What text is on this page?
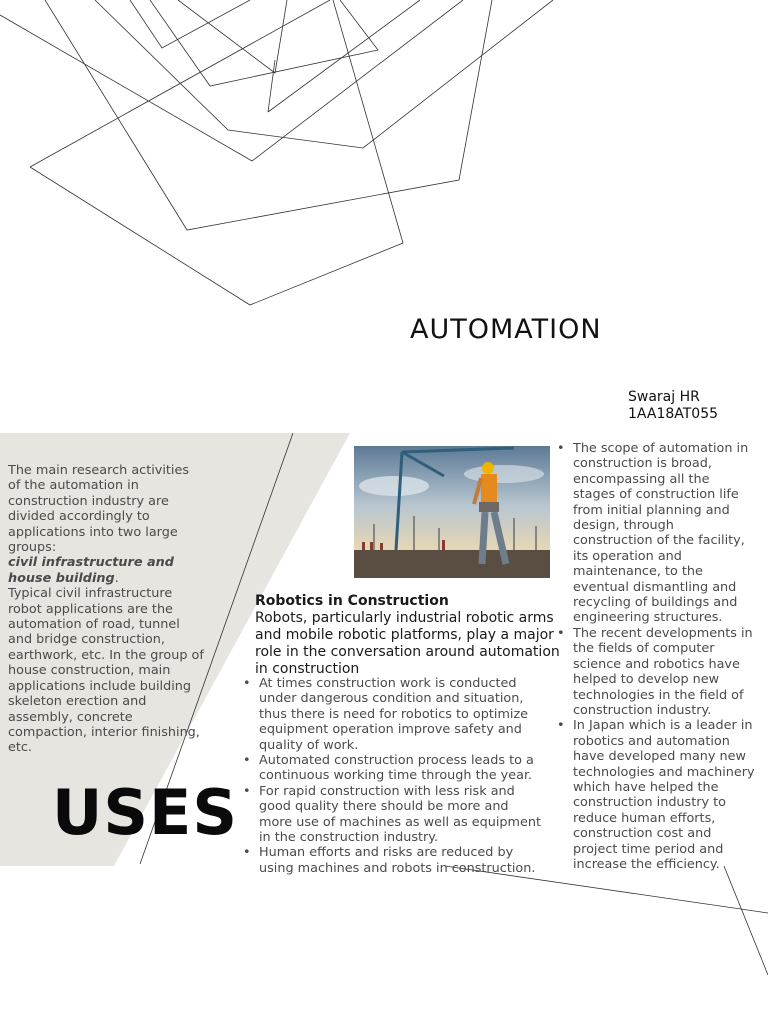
AUTOMATION
Swaraj HR
1AA18AT055
The main research activities of the automation in construction industry are divided accordingly to applications into two large groups:
civil infrastructure and house building.
Typical civil infrastructure robot applications are the automation of road, tunnel and bridge construction, earthwork, etc. In the group of house construction, main applications include building skeleton erection and assembly, concrete compaction, interior finishing, etc.
USES
Robotics in Construction
Robots, particularly industrial robotic arms and mobile robotic platforms, play a major role in the conversation around automation in construction
• At times construction work is conducted under dangerous condition and situation, thus there is need for robotics to optimize equipment operation improve safety and quality of work.
• Automated construction process leads to a continuous working time through the year.
• For rapid construction with less risk and good quality there should be more and more use of machines as well as equipment in the construction industry.
• Human efforts and risks are reduced by using machines and robots in construction.
• The scope of automation in construction is broad, encompassing all the stages of construction life from initial planning and design, through construction of the facility, its operation and maintenance, to the eventual dismantling and recycling of buildings and engineering structures.
• The recent developments in the fields of computer science and robotics have helped to develop new technologies in the field of construction industry.
• In Japan which is a leader in robotics and automation have developed many new technologies and machinery which have helped the construction industry to reduce human efforts, construction cost and project time period and increase the efficiency.
